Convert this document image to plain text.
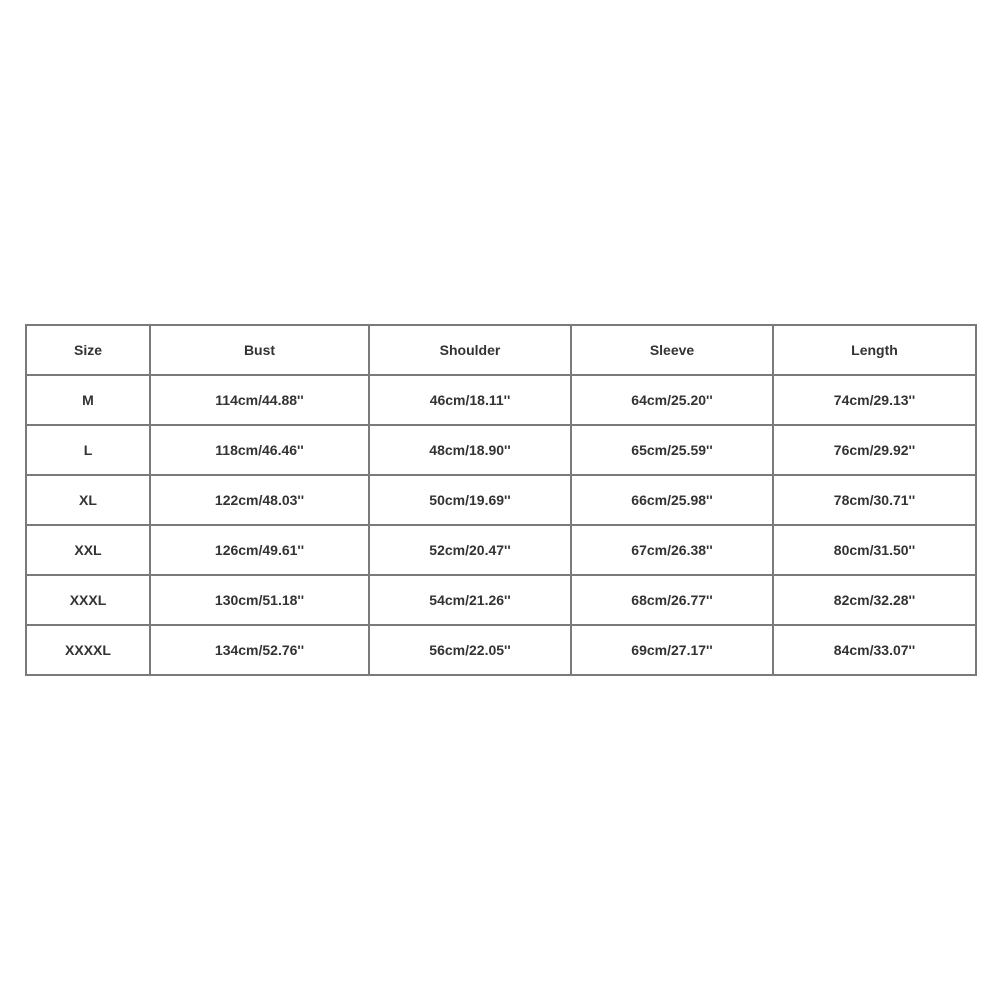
Size	Bust	Shoulder	Sleeve	Length
M	114cm/44.88''	46cm/18.11''	64cm/25.20''	74cm/29.13''
L	118cm/46.46''	48cm/18.90''	65cm/25.59''	76cm/29.92''
XL	122cm/48.03''	50cm/19.69''	66cm/25.98''	78cm/30.71''
XXL	126cm/49.61''	52cm/20.47''	67cm/26.38''	80cm/31.50''
XXXL	130cm/51.18''	54cm/21.26''	68cm/26.77''	82cm/32.28''
XXXXL	134cm/52.76''	56cm/22.05''	69cm/27.17''	84cm/33.07''
